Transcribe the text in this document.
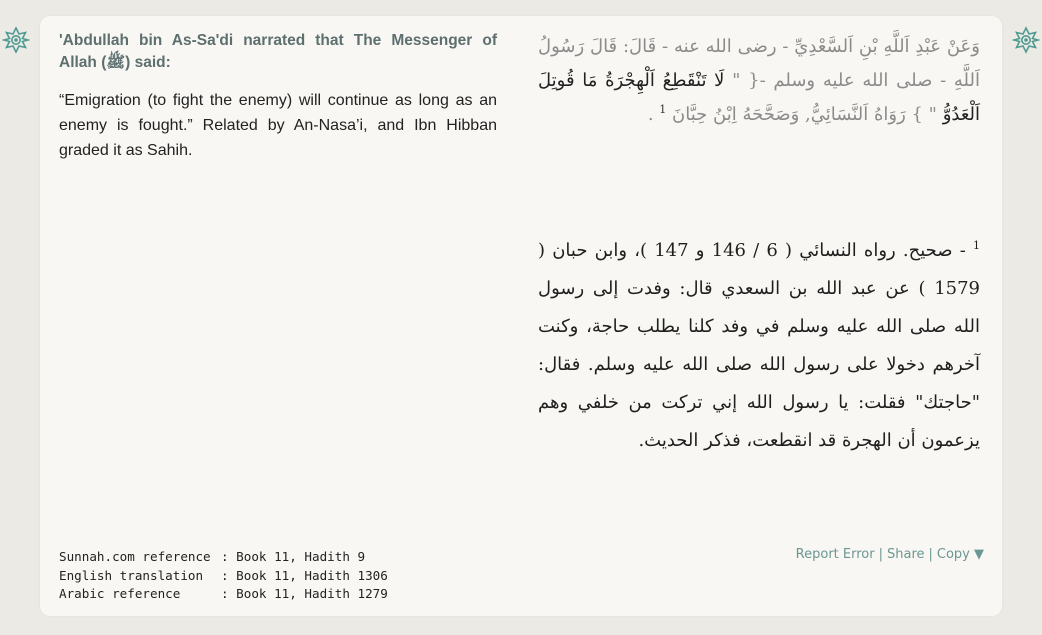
'Abdullah bin As-Sa'di narrated that The Messenger of Allah (ﷺ) said:

“Emigration (to fight the enemy) will continue as long as an enemy is fought.” Related by An-Nasa’i, and Ibn Hibban graded it as Sahih.

وَعَنْ عَبْدِ اَللَّهِ بْنِ اَلسَّعْدِيِّ - رضى الله عنه - قَالَ: قَالَ رَسُولُ اَللَّهِ - صلى الله عليه وسلم -{ " لَا تَنْقَطِعُ اَلْهِجْرَةُ مَا قُوتِلَ اَلْعَدُوُّ " } رَوَاهُ اَلنَّسَائِيُّ, وَصَحَّحَهُ اِبْنُ حِبَّانَ $^1$ .
$^1$ - صحيح. رواه النسائي ( 6 / 146 و 147 )، وابن حبان ( 1579 ) عن عبد الله بن السعدي قال: وفدت إلى رسول الله صلى الله عليه وسلم في وفد كلنا يطلب حاجة، وكنت آخرهم دخولا على رسول الله صلى الله عليه وسلم. فقال: "حاجتك" فقلت: يا رسول الله إني تركت من خلفي وهم يزعمون أن الهجرة قد انقطعت، فذكر الحديث.
Sunnah.com reference : Book 11, Hadith 9
English translation : Book 11, Hadith 1306
Arabic reference	: Book 11, Hadith 1279
Report Error | Share | Copy ▼
